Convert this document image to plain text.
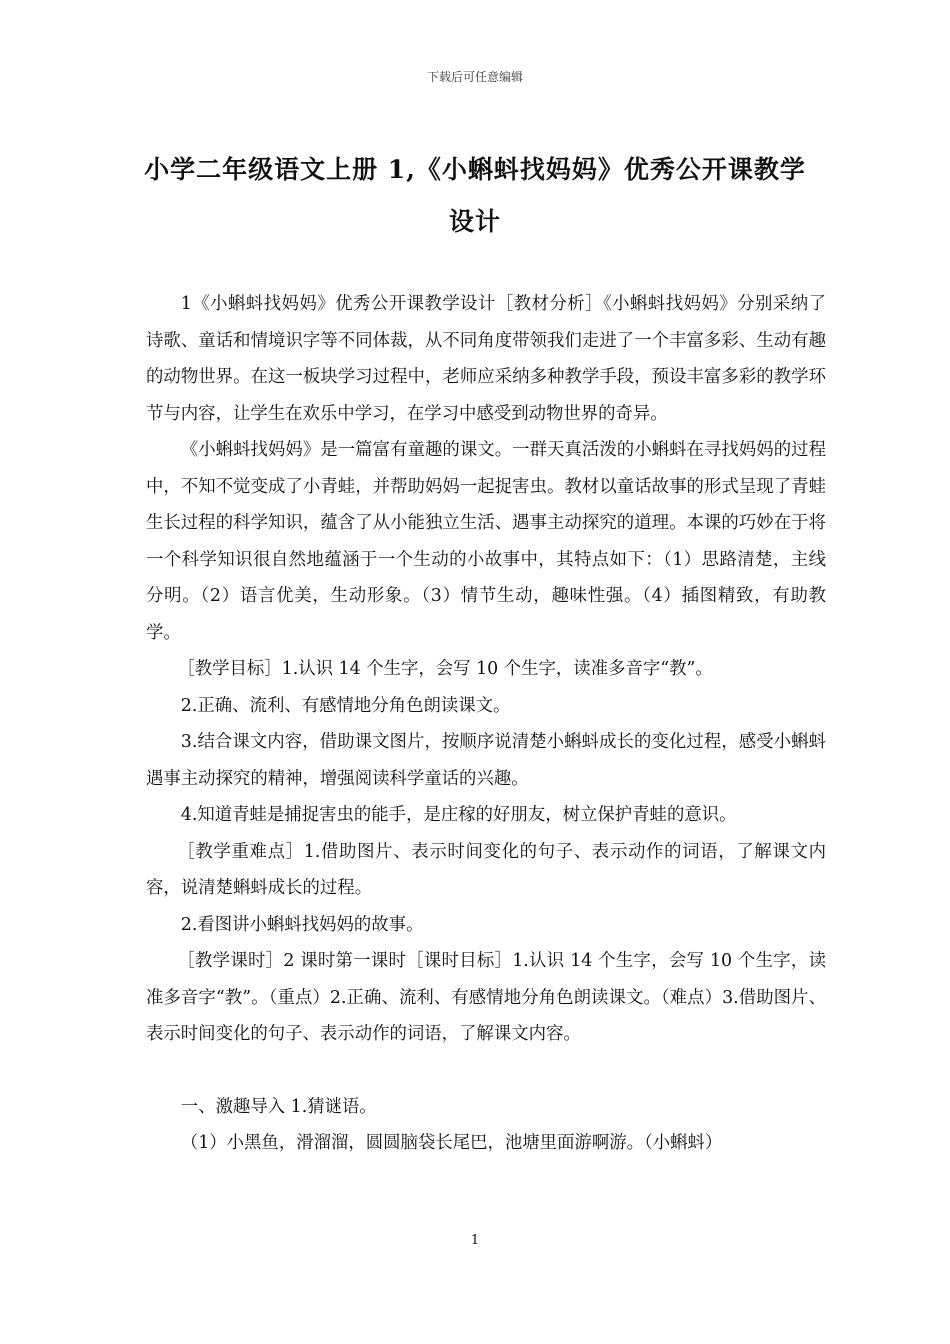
下载后可任意编辑
小学二年级语文上册 1,《小蝌蚪找妈妈》优秀公开课教学
设计

1《小蝌蚪找妈妈》优秀公开课教学设计［教材分析］《小蝌蚪找妈妈》分别采纳了诗歌、童话和情境识字等不同体裁，从不同角度带领我们走进了一个丰富多彩、生动有趣的动物世界。在这一板块学习过程中，老师应采纳多种教学手段，预设丰富多彩的教学环节与内容，让学生在欢乐中学习，在学习中感受到动物世界的奇异。

《小蝌蚪找妈妈》是一篇富有童趣的课文。一群天真活泼的小蝌蚪在寻找妈妈的过程中，不知不觉变成了小青蛙，并帮助妈妈一起捉害虫。教材以童话故事的形式呈现了青蛙生长过程的科学知识，蕴含了从小能独立生活、遇事主动探究的道理。本课的巧妙在于将一个科学知识很自然地蕴涵于一个生动的小故事中，其特点如下：（1）思路清楚，主线分明。（2）语言优美，生动形象。（3）情节生动，趣味性强。（4）插图精致，有助教学。

［教学目标］1.认识 14 个生字，会写 10 个生字，读准多音字“教”。

2.正确、流利、有感情地分角色朗读课文。

3.结合课文内容，借助课文图片，按顺序说清楚小蝌蚪成长的变化过程，感受小蝌蚪遇事主动探究的精神，增强阅读科学童话的兴趣。

4.知道青蛙是捕捉害虫的能手，是庄稼的好朋友，树立保护青蛙的意识。

［教学重难点］1.借助图片、表示时间变化的句子、表示动作的词语，了解课文内容，说清楚蝌蚪成长的过程。

2.看图讲小蝌蚪找妈妈的故事。

［教学课时］2 课时第一课时［课时目标］1.认识 14 个生字，会写 10 个生字，读准多音字“教”。（重点）2.正确、流利、有感情地分角色朗读课文。（难点）3.借助图片、表示时间变化的句子、表示动作的词语，了解课文内容。

一、激趣导入 1.猜谜语。

（1）小黑鱼，滑溜溜，圆圆脑袋长尾巴，池塘里面游啊游。（小蝌蚪）

1
